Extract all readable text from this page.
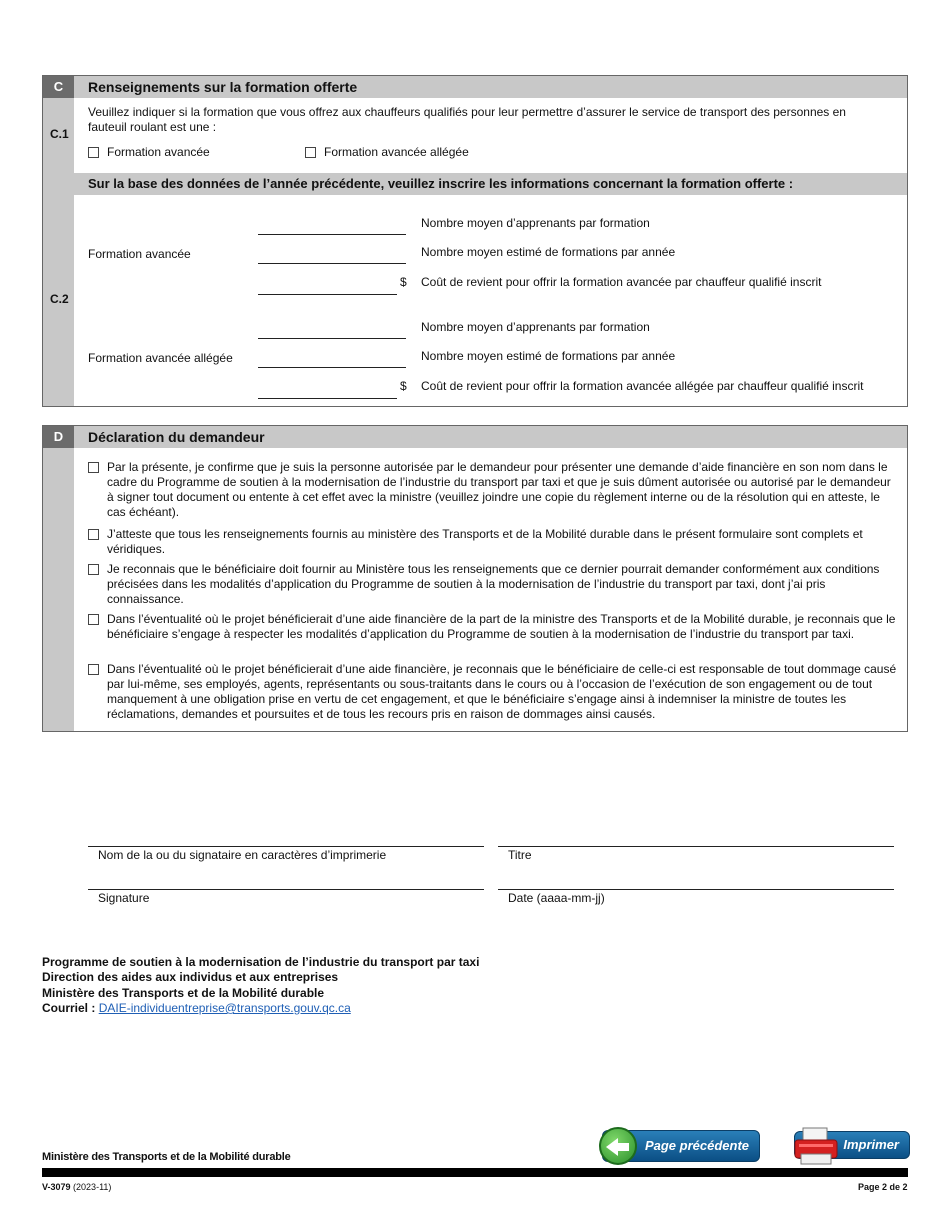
C	Renseignements sur la formation offerte
C.1
Veuillez indiquer si la formation que vous offrez aux chauffeurs qualifiés pour leur permettre d’assurer le service de transport des personnes en fauteuil roulant est une :
Formation avancée	Formation avancée allégée
Sur la base des données de l’année précédente, veuillez inscrire les informations concernant la formation offerte :
C.2
Formation avancée
Nombre moyen d’apprenants par formation
Nombre moyen estimé de formations par année
$ Coût de revient pour offrir la formation avancée par chauffeur qualifié inscrit
Formation avancée allégée
Nombre moyen d’apprenants par formation
Nombre moyen estimé de formations par année
$ Coût de revient pour offrir la formation avancée allégée par chauffeur qualifié inscrit
D	Déclaration du demandeur
Par la présente, je confirme que je suis la personne autorisée par le demandeur pour présenter une demande d’aide financière en son nom dans le cadre du Programme de soutien à la modernisation de l’industrie du transport par taxi et que je suis dûment autorisée ou autorisé par le demandeur à signer tout document ou entente à cet effet avec la ministre (veuillez joindre une copie du règlement interne ou de la résolution qui en atteste, le cas échéant).
J’atteste que tous les renseignements fournis au ministère des Transports et de la Mobilité durable dans le présent formulaire sont complets et véridiques.
Je reconnais que le bénéficiaire doit fournir au Ministère tous les renseignements que ce dernier pourrait demander conformément aux conditions précisées dans les modalités d’application du Programme de soutien à la modernisation de l’industrie du transport par taxi, dont j’ai pris connaissance.
Dans l’éventualité où le projet bénéficierait d’une aide financière de la part de la ministre des Transports et de la Mobilité durable, je reconnais que le bénéficiaire s’engage à respecter les modalités d’application du Programme de soutien à la modernisation de l’industrie du transport par taxi.
Dans l’éventualité où le projet bénéficierait d’une aide financière, je reconnais que le bénéficiaire de celle-ci est responsable de tout dommage causé par lui-même, ses employés, agents, représentants ou sous-traitants dans le cours ou à l’occasion de l’exécution de son engagement ou de tout manquement à une obligation prise en vertu de cet engagement, et que le bénéficiaire s’engage ainsi à indemniser la ministre de toutes les réclamations, demandes et poursuites et de tous les recours pris en raison de dommages ainsi causés.
Nom de la ou du signataire en caractères d’imprimerie	Titre
Signature	Date (aaaa-mm-jj)
Programme de soutien à la modernisation de l’industrie du transport par taxi
Direction des aides aux individus et aux entreprises
Ministère des Transports et de la Mobilité durable
Courriel : DAIE-individuentreprise@transports.gouv.qc.ca
Page précédente	Imprimer
Ministère des Transports et de la Mobilité durable
V-3079 (2023-11)	Page 2 de 2
